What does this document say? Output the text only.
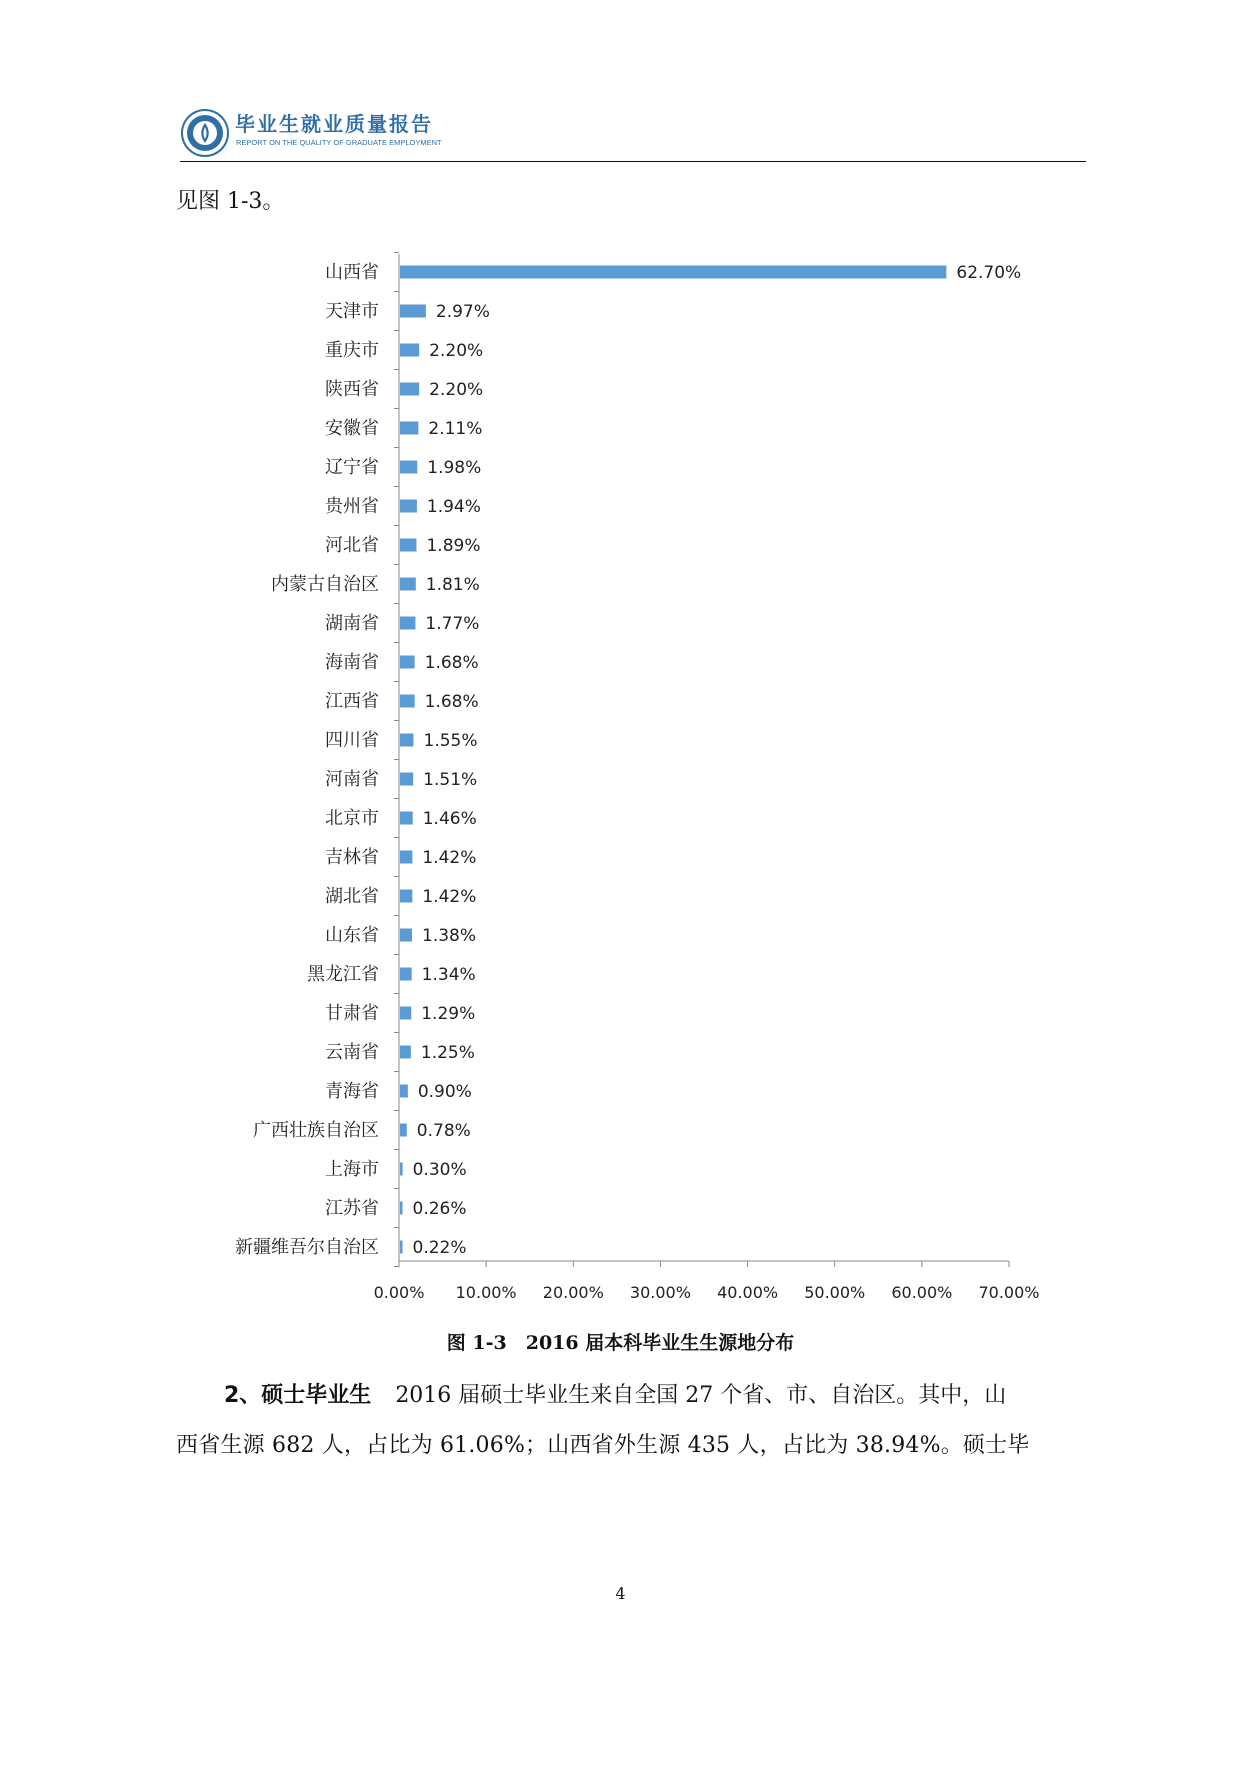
毕业生就业质量报告
REPORT ON THE QUALITY OF GRADUATE EMPLOYMENT
见图 1-3。
0.00% 10.00% 20.00% 30.00% 40.00% 50.00% 60.00% 70.00%
山西省	62.70%
天津市	2.97%
重庆市	2.20%
陕西省	2.20%
安徽省	2.11%
辽宁省	1.98%
贵州省	1.94%
河北省	1.89%
内蒙古自治区	1.81%
湖南省	1.77%
海南省	1.68%
江西省	1.68%
四川省	1.55%
河南省	1.51%
北京市	1.46%
吉林省	1.42%
湖北省	1.42%
山东省	1.38%
黑龙江省	1.34%
甘肃省 1.29%
云南省 1.25%
青海省 0.90%
广西壮族自治区 0.78%
上海市 0.30%
江苏省 0.26%
新疆维吾尔自治区 0.22%
图 1-3　2016 届本科毕业生生源地分布
2、硕士毕业生 2016 届硕士毕业生来自全国 27 个省、市、自治区。其中，山
西省生源 682 人，占比为 61.06%；山西省外生源 435 人，占比为 38.94%。硕士毕
4
